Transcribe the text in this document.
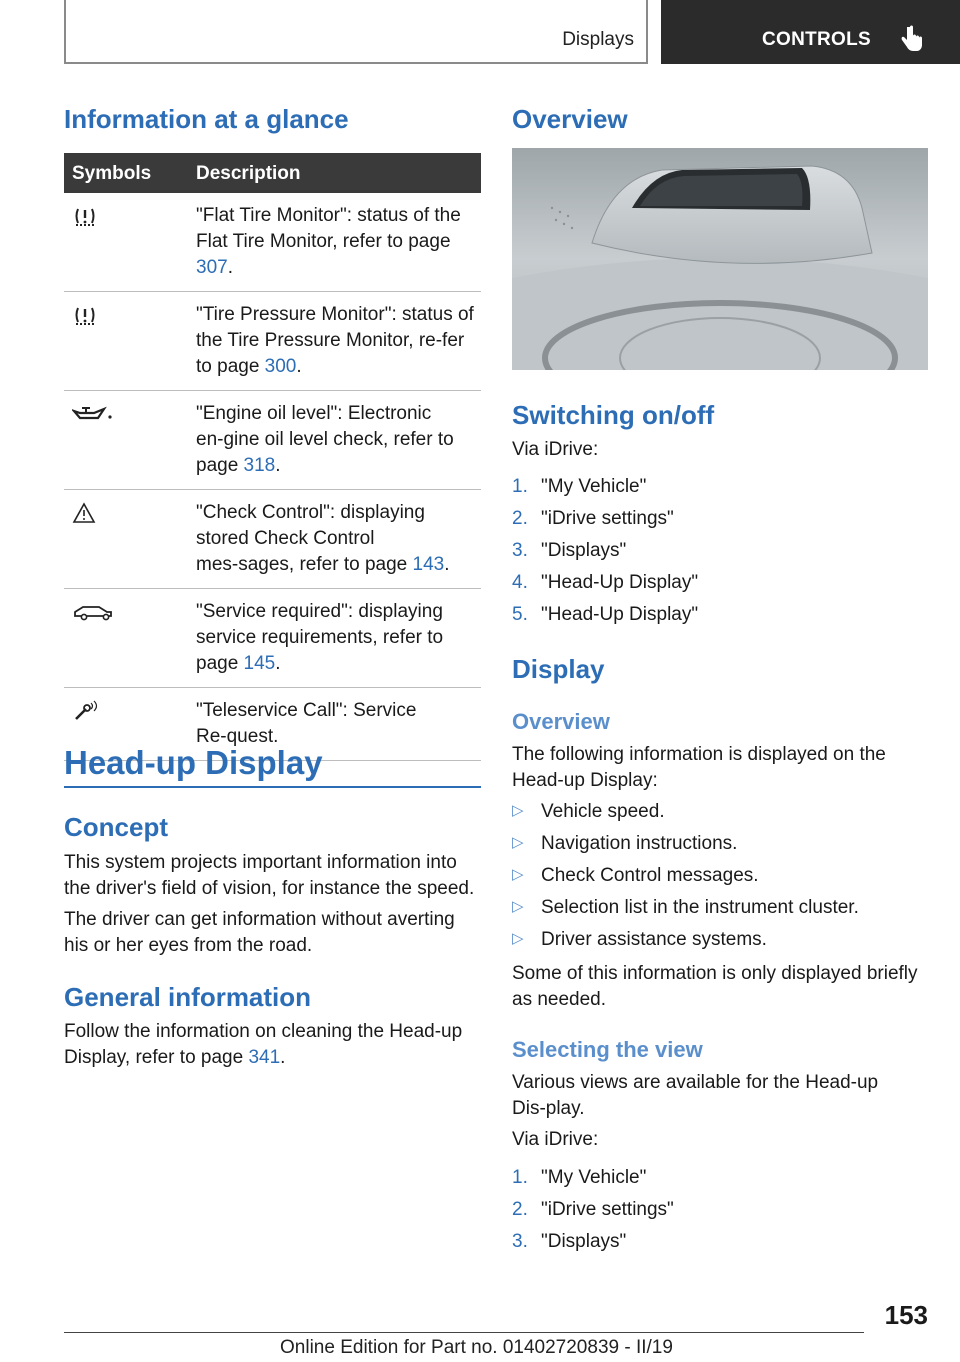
Displays	CONTROLS
Information at a glance
Symbols Description
"Flat Tire Monitor": status of the Flat Tire Monitor, refer to page 307.
"Tire Pressure Monitor": status of the Tire Pressure Monitor, re‑fer to page 300.
"Engine oil level": Electronic en‑gine oil level check, refer to page 318.
"Check Control": displaying stored Check Control mes‑sages, refer to page 143.
"Service required": displaying service requirements, refer to page 145.
"Teleservice Call": Service Re‑quest.
Head-up Display
Concept

This system projects important information into the driver's field of vision, for instance the speed.

The driver can get information without averting his or her eyes from the road.

General information

Follow the information on cleaning the Head-up Display, refer to page 341.

Overview
Switching on/off

Via iDrive:

1. "My Vehicle"
2. "iDrive settings"
3. "Displays"
4. "Head-Up Display"
5. "Head-Up Display"
Display
Overview

The following information is displayed on the Head-up Display:

▷ Vehicle speed.
▷ Navigation instructions.
▷ Check Control messages.
▷ Selection list in the instrument cluster.
▷ Driver assistance systems.

Some of this information is only displayed briefly as needed.

Selecting the view

Various views are available for the Head-up Dis‑play.

Via iDrive:

1. "My Vehicle"
2. "iDrive settings"
3. "Displays"
153
Online Edition for Part no. 01402720839 - II/19
